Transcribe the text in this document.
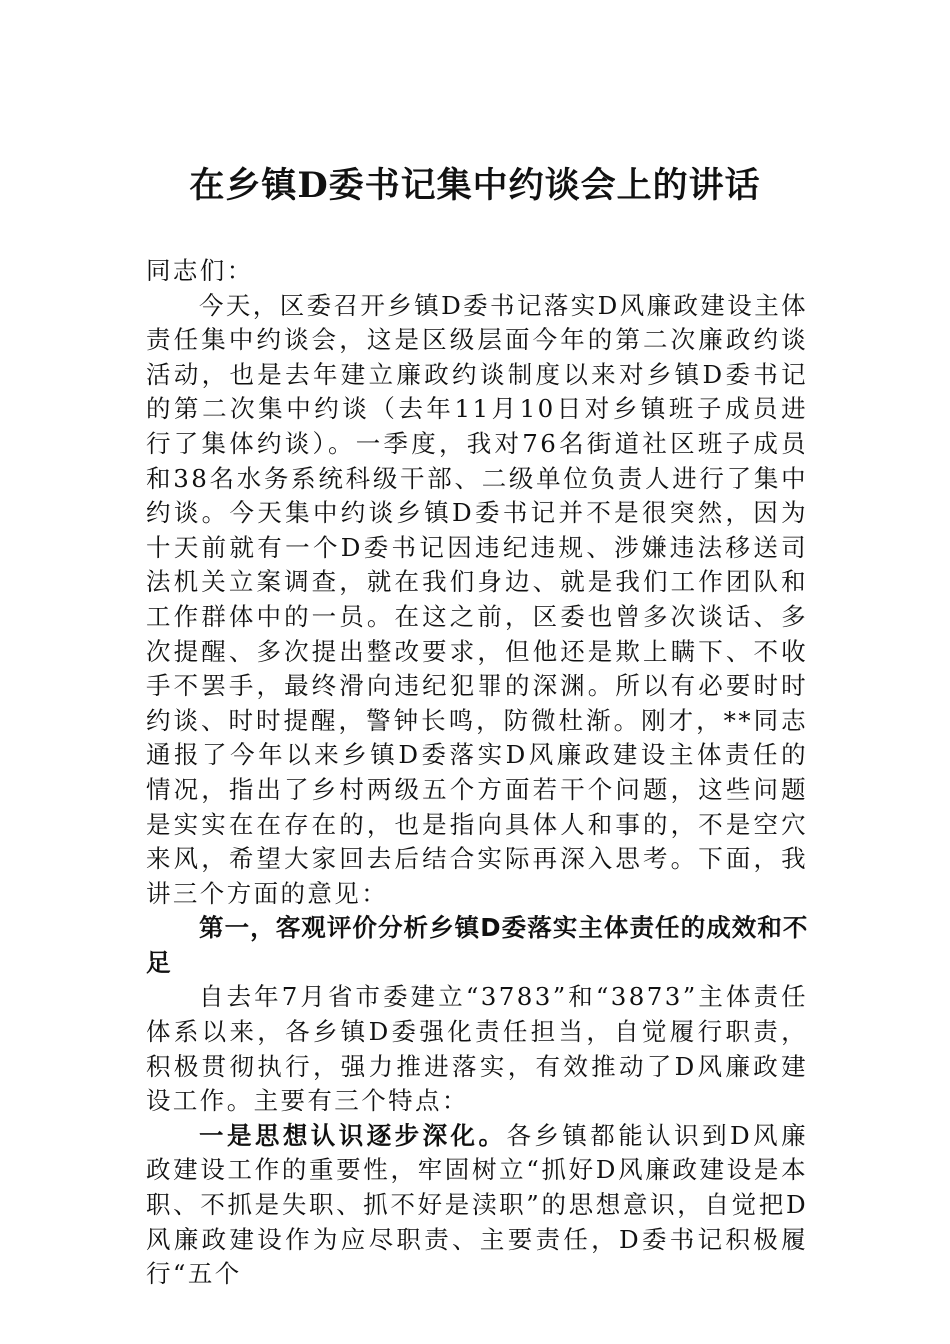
在乡镇D委书记集中约谈会上的讲话

同志们：

今天，区委召开乡镇D委书记落实D风廉政建设主体责任集中约谈会，这是区级层面今年的第二次廉政约谈活动，也是去年建立廉政约谈制度以来对乡镇D委书记的第二次集中约谈（去年11月10日对乡镇班子成员进行了集体约谈）。一季度，我对76名街道社区班子成员和38名水务系统科级干部、二级单位负责人进行了集中约谈。今天集中约谈乡镇D委书记并不是很突然，因为十天前就有一个D委书记因违纪违规、涉嫌违法移送司法机关立案调查，就在我们身边、就是我们工作团队和工作群体中的一员。在这之前，区委也曾多次谈话、多次提醒、多次提出整改要求，但他还是欺上瞒下、不收手不罢手，最终滑向违纪犯罪的深渊。所以有必要时时约谈、时时提醒，警钟长鸣，防微杜渐。刚才，**同志通报了今年以来乡镇D委落实D风廉政建设主体责任的情况，指出了乡村两级五个方面若干个问题，这些问题是实实在在存在的，也是指向具体人和事的，不是空穴来风，希望大家回去后结合实际再深入思考。下面，我讲三个方面的意见：

第一，客观评价分析乡镇D委落实主体责任的成效和不足

自去年7月省市委建立“3783”和“3873”主体责任体系以来，各乡镇D委强化责任担当，自觉履行职责，积极贯彻执行，强力推进落实，有效推动了D风廉政建设工作。主要有三个特点：

一是思想认识逐步深化。各乡镇都能认识到D风廉政建设工作的重要性，牢固树立“抓好D风廉政建设是本职、不抓是失职、抓不好是渎职”的思想意识，自觉把D风廉政建设作为应尽职责、主要责任，D委书记积极履行“五个
